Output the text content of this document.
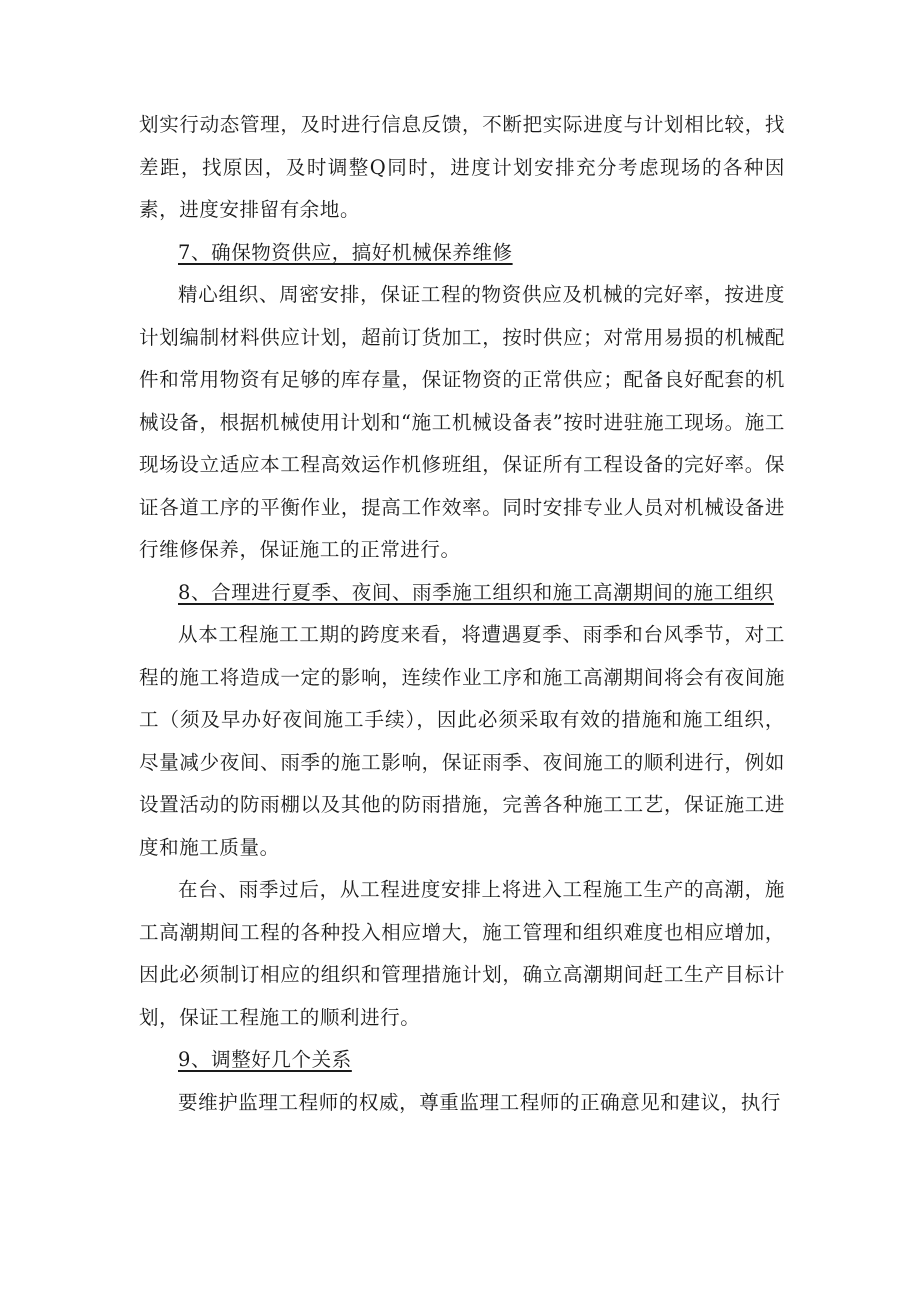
划实行动态管理，及时进行信息反馈，不断把实际进度与计划相比较，找差距，找原因，及时调整Q同时，进度计划安排充分考虑现场的各种因素，进度安排留有余地。

7、确保物资供应，搞好机械保养维修

精心组织、周密安排，保证工程的物资供应及机械的完好率，按进度计划编制材料供应计划，超前订货加工，按时供应；对常用易损的机械配件和常用物资有足够的库存量，保证物资的正常供应；配备良好配套的机械设备，根据机械使用计划和“施工机械设备表”按时进驻施工现场。施工现场设立适应本工程高效运作机修班组，保证所有工程设备的完好率。保证各道工序的平衡作业，提高工作效率。同时安排专业人员对机械设备进行维修保养，保证施工的正常进行。

8、合理进行夏季、夜间、雨季施工组织和施工高潮期间的施工组织

从本工程施工工期的跨度来看，将遭遇夏季、雨季和台风季节，对工程的施工将造成一定的影响，连续作业工序和施工高潮期间将会有夜间施工（须及早办好夜间施工手续），因此必须采取有效的措施和施工组织，尽量减少夜间、雨季的施工影响，保证雨季、夜间施工的顺利进行，例如设置活动的防雨棚以及其他的防雨措施，完善各种施工工艺，保证施工进度和施工质量。

在台、雨季过后，从工程进度安排上将进入工程施工生产的高潮，施工高潮期间工程的各种投入相应增大，施工管理和组织难度也相应增加，因此必须制订相应的组织和管理措施计划，确立高潮期间赶工生产目标计划，保证工程施工的顺利进行。

9、调整好几个关系

要维护监理工程师的权威，尊重监理工程师的正确意见和建议，执行
